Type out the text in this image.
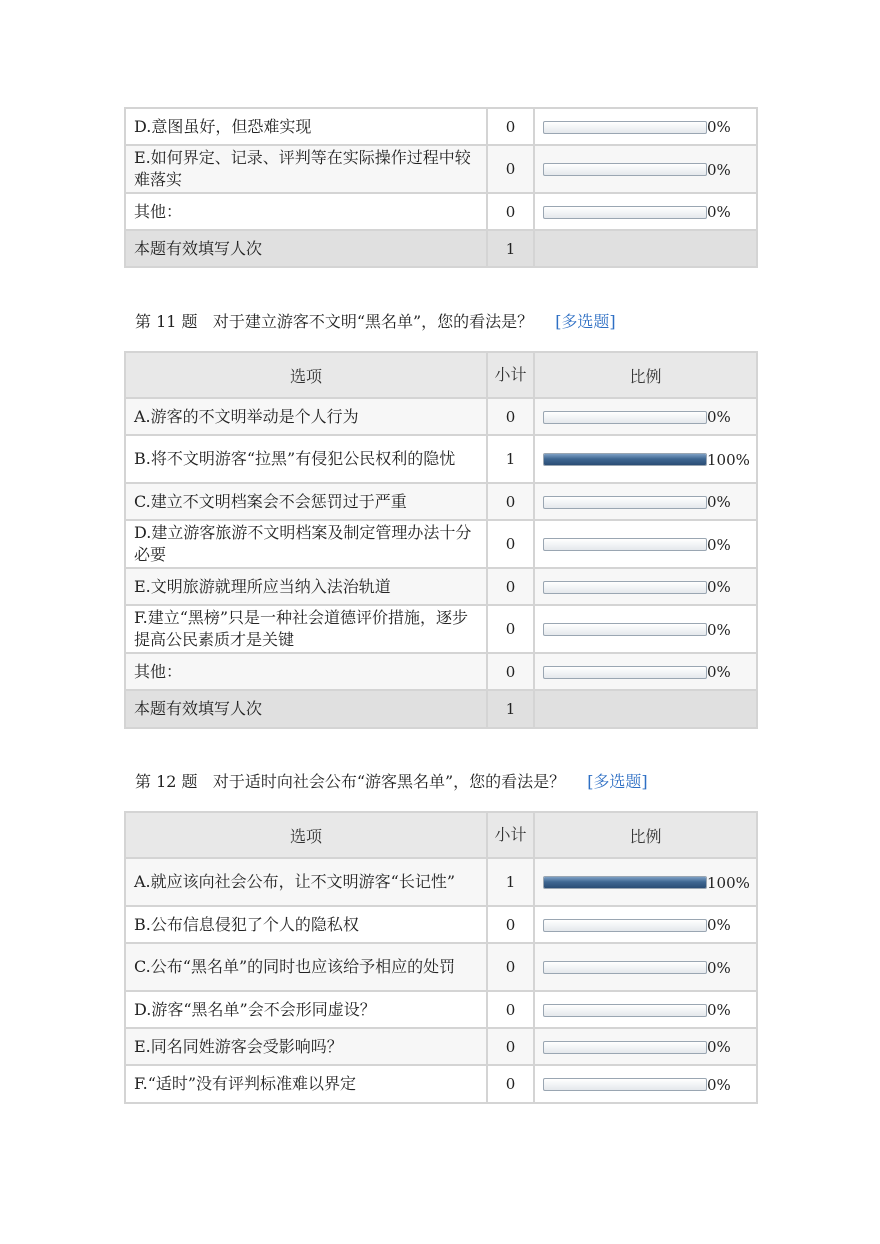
D.意图虽好，但恐难实现	0	0%
E.如何界定、记录、评判等在实际操作过程中较难落实	0	0%
其他：	0	0%
本题有效填写人次	1	
第 11 题 对于建立游客不文明“黑名单”，您的看法是？ [多选题]
选项	小计	比例
A.游客的不文明举动是个人行为	0	0%
B.将不文明游客“拉黑”有侵犯公民权利的隐忧	1	100%
C.建立不文明档案会不会惩罚过于严重	0	0%
D.建立游客旅游不文明档案及制定管理办法十分必要	0	0%
E.文明旅游就理所应当纳入法治轨道	0	0%
F.建立“黑榜”只是一种社会道德评价措施，逐步提高公民素质才是关键	0	0%
其他：	0	0%
本题有效填写人次	1	
第 12 题 对于适时向社会公布“游客黑名单”，您的看法是？ [多选题]
选项	小计	比例
A.就应该向社会公布，让不文明游客“长记性”	1	100%
B.公布信息侵犯了个人的隐私权	0	0%
C.公布“黑名单”的同时也应该给予相应的处罚	0	0%
D.游客“黑名单”会不会形同虚设？	0	0%
E.同名同姓游客会受影响吗？	0	0%
F.“适时”没有评判标准难以界定	0	0%
